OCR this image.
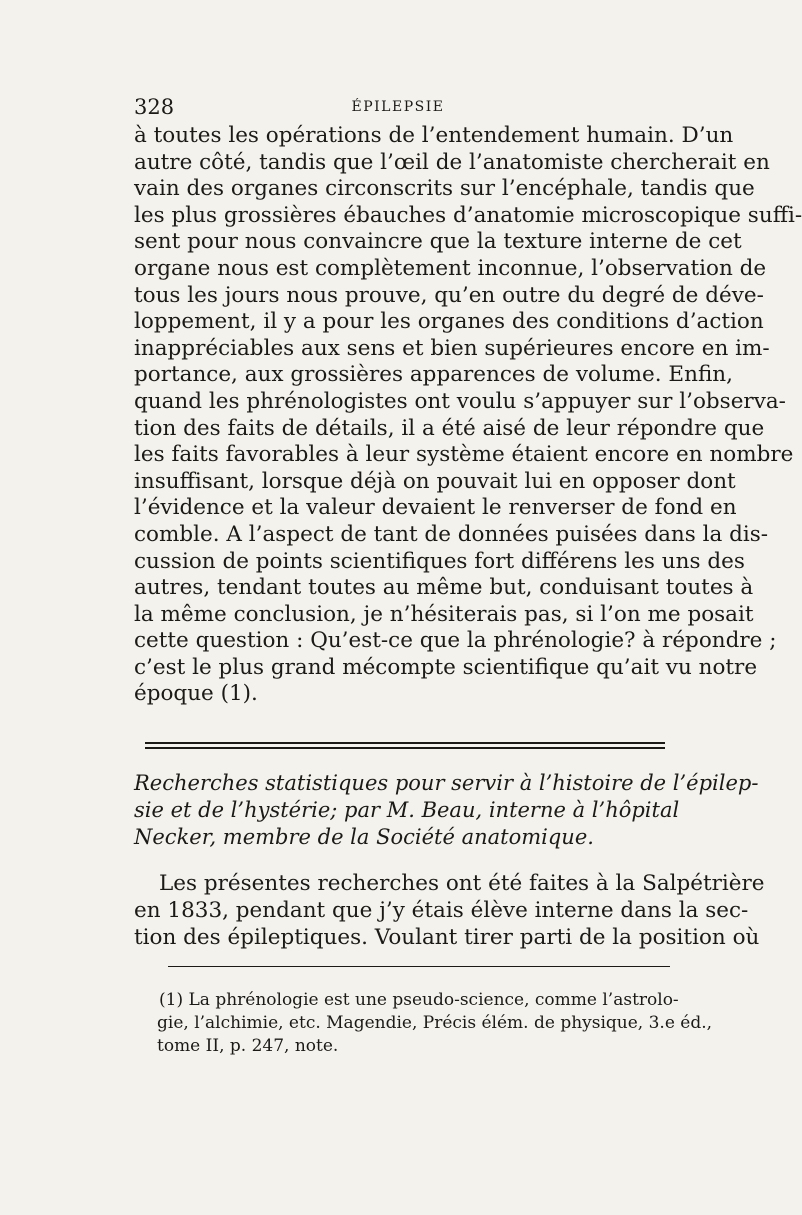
328	ÉPILEPSIE
à toutes les opérations de l’entendement humain. D’un
autre côté, tandis que l’œil de l’anatomiste chercherait en
vain des organes circonscrits sur l’encéphale, tandis que
les plus grossières ébauches d’anatomie microscopique suffi-
sent pour nous convaincre que la texture interne de cet
organe nous est complètement inconnue, l’observation de
tous les jours nous prouve, qu’en outre du degré de déve-
loppement, il y a pour les organes des conditions d’action
inappréciables aux sens et bien supérieures encore en im-
portance, aux grossières apparences de volume. Enfin,
quand les phrénologistes ont voulu s’appuyer sur l’observa-
tion des faits de détails, il a été aisé de leur répondre que
les faits favorables à leur système étaient encore en nombre
insuffisant, lorsque déjà on pouvait lui en opposer dont
l’évidence et la valeur devaient le renverser de fond en
comble. A l’aspect de tant de données puisées dans la dis-
cussion de points scientifiques fort différens les uns des
autres, tendant toutes au même but, conduisant toutes à
la même conclusion, je n’hésiterais pas, si l’on me posait
cette question : Qu’est-ce que la phrénologie? à répondre ;
c’est le plus grand mécompte scientifique qu’ait vu notre
époque (1).
Recherches statistiques pour servir à l’histoire de l’épilep-
sie et de l’hystérie; par M. Beau, interne à l’hôpital
Necker, membre de la Société anatomique.
Les présentes recherches ont été faites à la Salpétrière
en 1833, pendant que j’y étais élève interne dans la sec-
tion des épileptiques. Voulant tirer parti de la position où
(1) La phrénologie est une pseudo-science, comme l’astrolo-
gie, l’alchimie, etc. Magendie, Précis élém. de physique, 3.e éd.,
tome II, p. 247, note.
